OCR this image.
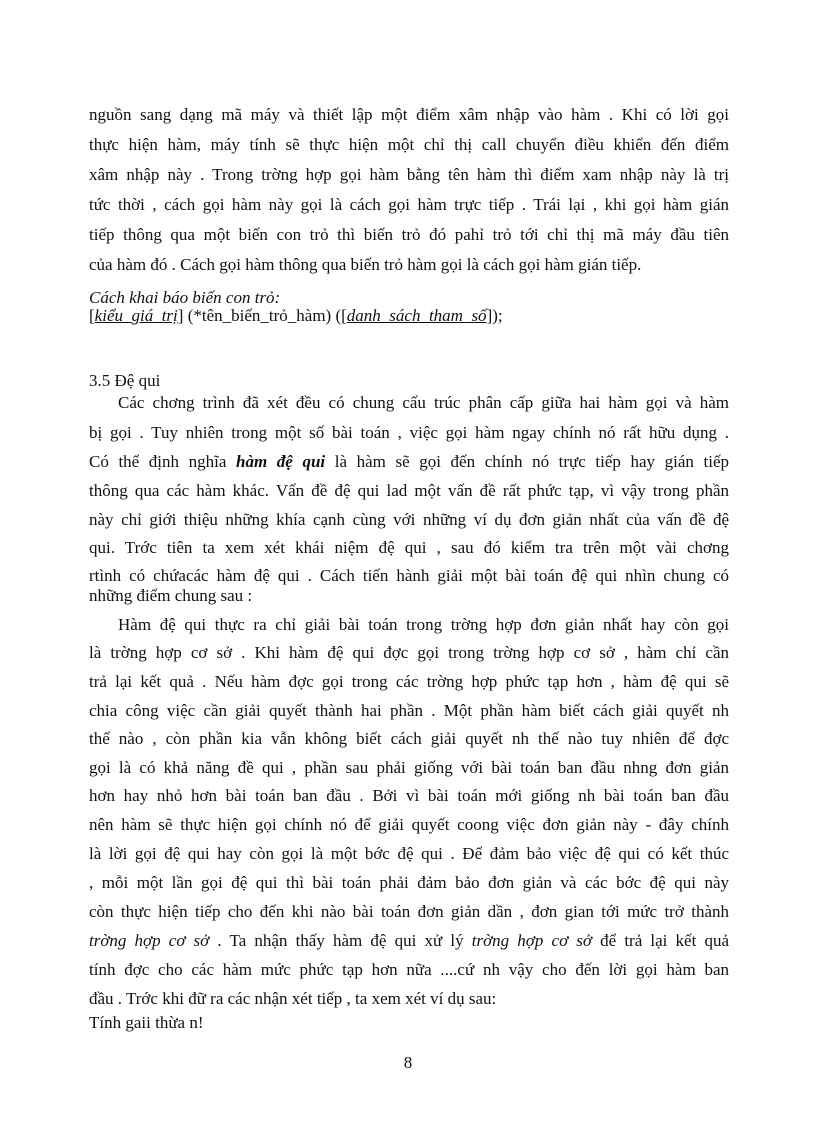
nguồn sang dạng mã máy và thiết lập một điểm xâm nhập vào hàm . Khi có lời gọi
thực hiện hàm, máy tính sẽ thực hiện một chỉ thị call chuyển điều khiển đến điểm
xâm nhập này . Trong trờng hợp gọi hàm bằng tên hàm thì điểm xam nhập này là trị
tức thời , cách gọi hàm này gọi là cách gọi hàm trực tiếp . Trái lại , khi gọi hàm gián
tiếp thông qua một biến con trỏ thì biến trỏ đó pahỉ trỏ tới chỉ thị mã máy đầu tiên
của hàm đó . Cách gọi hàm thông qua biến trỏ hàm gọi là cách gọi hàm gián tiếp.
Cách khai báo biến con trỏ:
[kiểu_giá_trị] (*tên_biến_trỏ_hàm) ([danh_sách_tham_số]);
3.5 Đệ qui
Các chơng trình đã xét đều có chung cấu trúc phân cấp giữa hai hàm gọi và hàm
bị gọi . Tuy nhiên trong một số bài toán , việc gọi hàm ngay chính nó rất hữu dụng .
Có thể định nghĩa hàm đệ qui là hàm sẽ gọi đến chính nó trực tiếp hay gián tiếp
thông qua các hàm khác. Vấn đề đệ qui lad một vấn đề rất phức tạp, vì vậy trong phần
này chỉ giới thiệu những khía cạnh cùng với những ví dụ đơn giản nhất của vấn đề đệ
qui. Trớc tiên ta xem xét khái niệm đệ qui , sau đó kiểm tra trên một vài chơng
rtình có chứacác hàm đệ qui . Cách tiến hành giải một bài toán đệ qui nhìn chung có
những điểm chung sau :
Hàm đệ qui thực ra chỉ giải bài toán trong trờng hợp đơn giản nhất hay còn gọi
là trờng hợp cơ sở . Khi hàm đệ qui đợc gọi trong trờng hợp cơ sở , hàm chỉ cần
trả lại kết quả . Nếu hàm đợc gọi trong các trờng hợp phức tạp hơn , hàm đệ qui sẽ
chia công việc cần giải quyết thành hai phần . Một phần hàm biết cách giải quyết nh
thế nào , còn phần kia vẫn không biết cách giải quyết nh thế nào tuy nhiên để đợc
gọi là có khả năng đề qui , phần sau phải giống với bài toán ban đầu nhng đơn giản
hơn hay nhỏ hơn bài toán ban đầu . Bởi vì bài toán mới giống nh bài toán ban đầu
nên hàm sẽ thực hiện gọi chính nó để giải quyết coong việc đơn giản này - đây chính
là lời gọi đệ qui hay còn gọi là một bớc đệ qui . Để đảm bảo việc đệ qui có kết thúc
, mỗi một lần gọi đệ qui thì bài toán phải đảm bảo đơn giản và các bớc đệ qui này
còn thực hiện tiếp cho đến khi nào bài toán đơn giản dần , đơn gian tới mức trở thành
trờng hợp cơ sở . Ta nhận thấy hàm đệ qui xử lý trờng hợp cơ sở để trả lại kết quả
tính đợc cho các hàm mức phức tạp hơn nữa ....cứ nh vậy cho đến lời gọi hàm ban
đầu . Trớc khi đữ ra các nhận xét tiếp , ta xem xét ví dụ sau:
Tính gaii thừa n!
8
